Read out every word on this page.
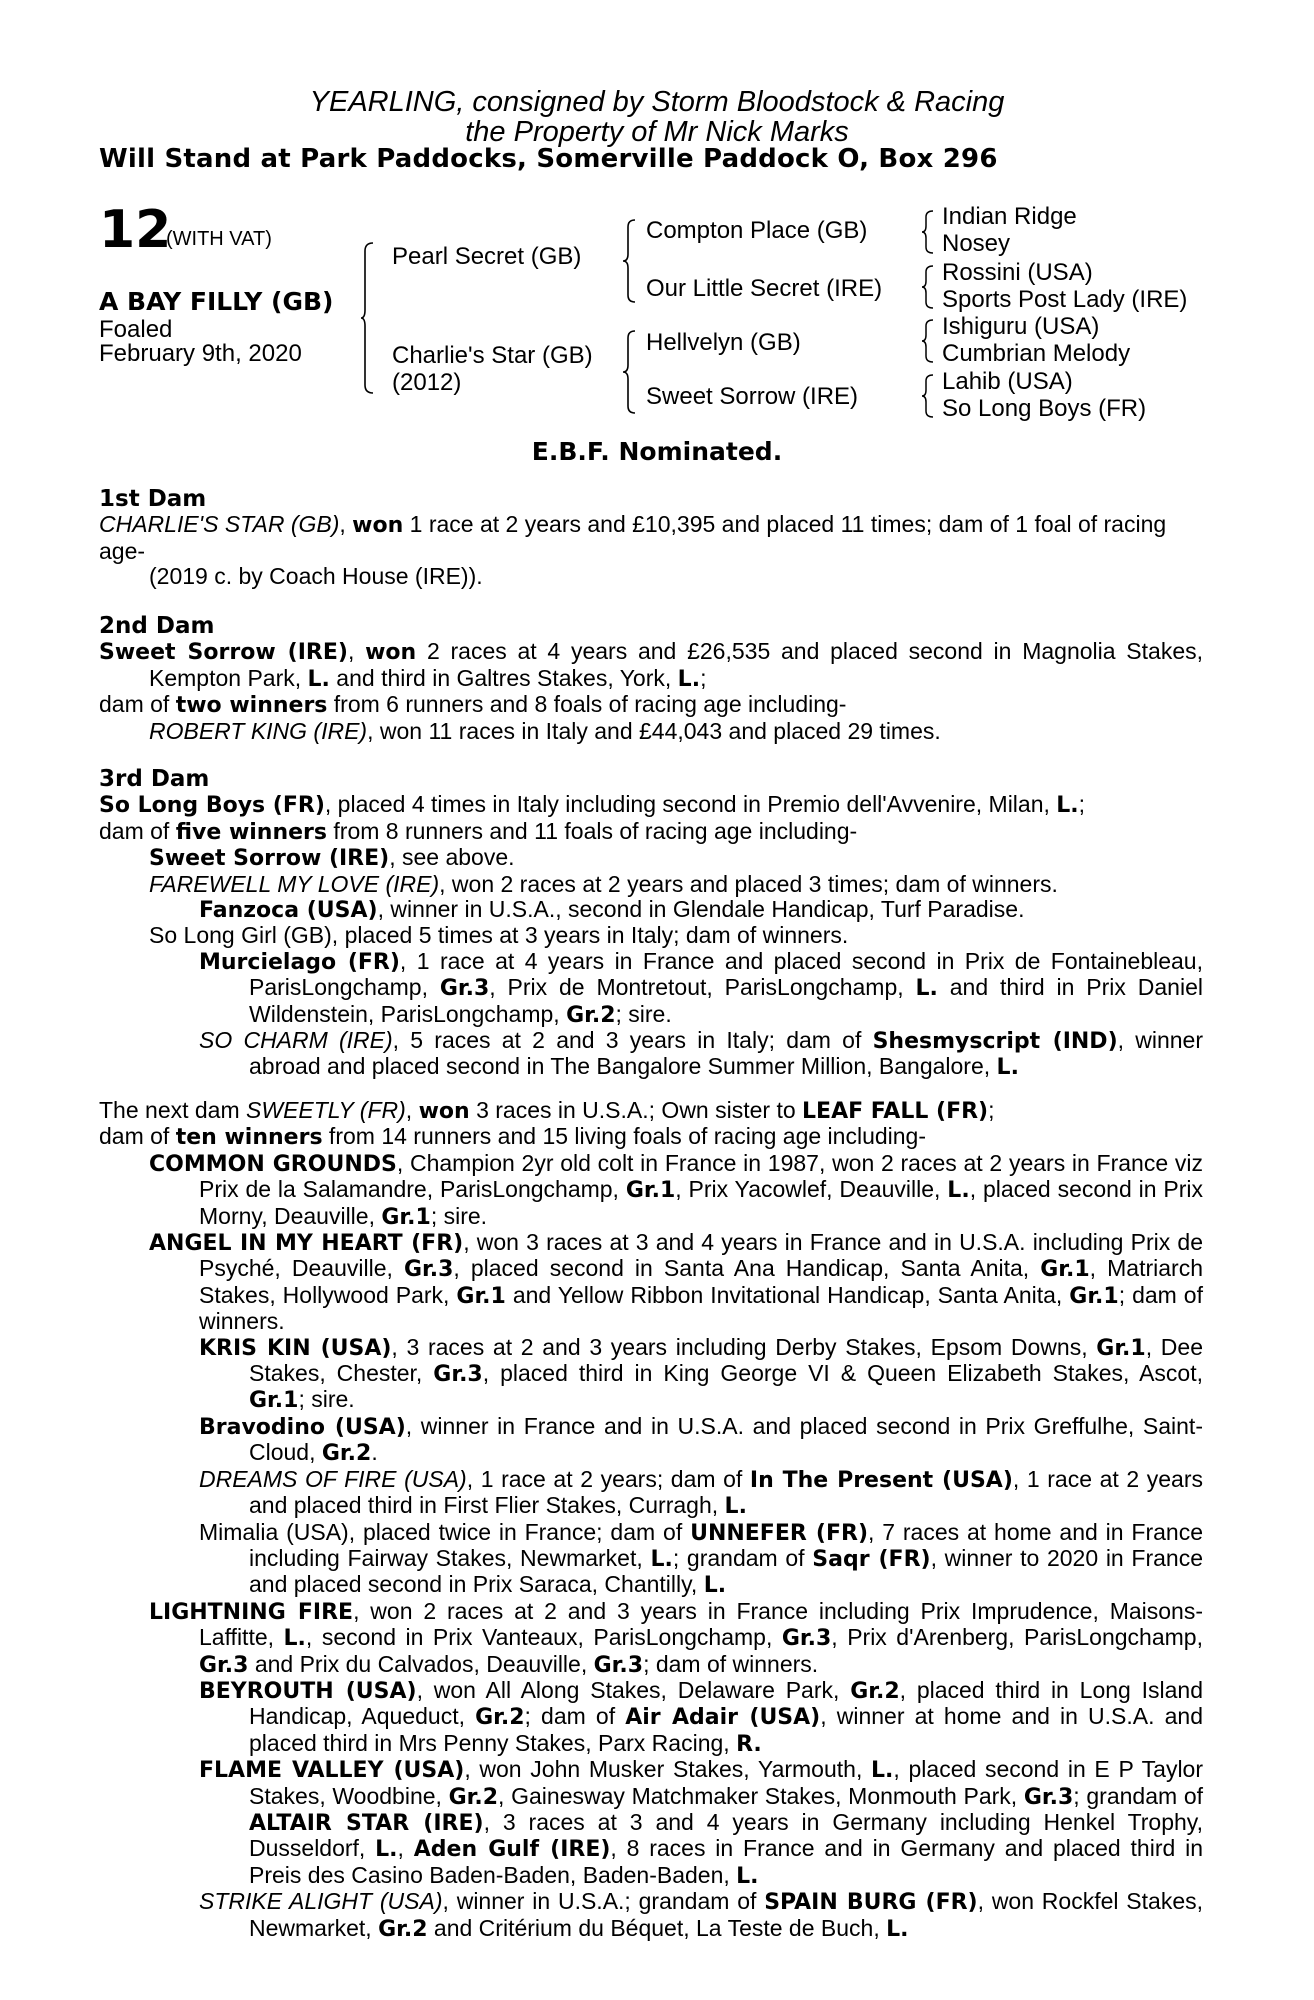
YEARLING, consigned by Storm Bloodstock & Racing
the Property of Mr Nick Marks
Will Stand at Park Paddocks, Somerville Paddock O, Box 296
12
(WITH VAT)
A BAY FILLY (GB)
Foaled
February 9th, 2020
Pearl Secret (GB)
Charlie's Star (GB)
(2012)
Compton Place (GB)
Our Little Secret (IRE)
Hellvelyn (GB)
Sweet Sorrow (IRE)
Indian Ridge
Nosey
Rossini (USA)
Sports Post Lady (IRE)
Ishiguru (USA)
Cumbrian Melody
Lahib (USA)
So Long Boys (FR)
E.B.F. Nominated.

1st Dam

CHARLIE'S STAR (GB), won 1 race at 2 years and £10,395 and placed 11 times; dam of 1 foal of racing age-

(2019 c. by Coach House (IRE)).

2nd Dam

Sweet Sorrow (IRE), won 2 races at 4 years and £26,535 and placed second in Magnolia Stakes, Kempton Park, L. and third in Galtres Stakes, York, L.;

dam of two winners from 6 runners and 8 foals of racing age including-

ROBERT KING (IRE), won 11 races in Italy and £44,043 and placed 29 times.

3rd Dam

So Long Boys (FR), placed 4 times in Italy including second in Premio dell'Avvenire, Milan, L.;

dam of five winners from 8 runners and 11 foals of racing age including-

Sweet Sorrow (IRE), see above.

FAREWELL MY LOVE (IRE), won 2 races at 2 years and placed 3 times; dam of winners.

Fanzoca (USA), winner in U.S.A., second in Glendale Handicap, Turf Paradise.

So Long Girl (GB), placed 5 times at 3 years in Italy; dam of winners.

Murcielago (FR), 1 race at 4 years in France and placed second in Prix de Fontainebleau, ParisLongchamp, Gr.3, Prix de Montretout, ParisLongchamp, L. and third in Prix Daniel Wildenstein, ParisLongchamp, Gr.2; sire.

SO CHARM (IRE), 5 races at 2 and 3 years in Italy; dam of Shesmyscript (IND), winner abroad and placed second in The Bangalore Summer Million, Bangalore, L.

The next dam SWEETLY (FR), won 3 races in U.S.A.; Own sister to LEAF FALL (FR);

dam of ten winners from 14 runners and 15 living foals of racing age including-

COMMON GROUNDS, Champion 2yr old colt in France in 1987, won 2 races at 2 years in France viz Prix de la Salamandre, ParisLongchamp, Gr.1, Prix Yacowlef, Deauville, L., placed second in Prix Morny, Deauville, Gr.1; sire.

ANGEL IN MY HEART (FR), won 3 races at 3 and 4 years in France and in U.S.A. including Prix de Psyché, Deauville, Gr.3, placed second in Santa Ana Handicap, Santa Anita, Gr.1, Matriarch Stakes, Hollywood Park, Gr.1 and Yellow Ribbon Invitational Handicap, Santa Anita, Gr.1; dam of winners.

KRIS KIN (USA), 3 races at 2 and 3 years including Derby Stakes, Epsom Downs, Gr.1, Dee Stakes, Chester, Gr.3, placed third in King George VI & Queen Elizabeth Stakes, Ascot, Gr.1; sire.

Bravodino (USA), winner in France and in U.S.A. and placed second in Prix Greffulhe, Saint-Cloud, Gr.2.

DREAMS OF FIRE (USA), 1 race at 2 years; dam of In The Present (USA), 1 race at 2 years and placed third in First Flier Stakes, Curragh, L.

Mimalia (USA), placed twice in France; dam of UNNEFER (FR), 7 races at home and in France including Fairway Stakes, Newmarket, L.; grandam of Saqr (FR), winner to 2020 in France and placed second in Prix Saraca, Chantilly, L.

LIGHTNING FIRE, won 2 races at 2 and 3 years in France including Prix Imprudence, Maisons-Laffitte, L., second in Prix Vanteaux, ParisLongchamp, Gr.3, Prix d'Arenberg, ParisLongchamp, Gr.3 and Prix du Calvados, Deauville, Gr.3; dam of winners.

BEYROUTH (USA), won All Along Stakes, Delaware Park, Gr.2, placed third in Long Island Handicap, Aqueduct, Gr.2; dam of Air Adair (USA), winner at home and in U.S.A. and placed third in Mrs Penny Stakes, Parx Racing, R.

FLAME VALLEY (USA), won John Musker Stakes, Yarmouth, L., placed second in E P Taylor Stakes, Woodbine, Gr.2, Gainesway Matchmaker Stakes, Monmouth Park, Gr.3; grandam of ALTAIR STAR (IRE), 3 races at 3 and 4 years in Germany including Henkel Trophy, Dusseldorf, L., Aden Gulf (IRE), 8 races in France and in Germany and placed third in Preis des Casino Baden-Baden, Baden-Baden, L.

STRIKE ALIGHT (USA), winner in U.S.A.; grandam of SPAIN BURG (FR), won Rockfel Stakes, Newmarket, Gr.2 and Critérium du Béquet, La Teste de Buch, L.
